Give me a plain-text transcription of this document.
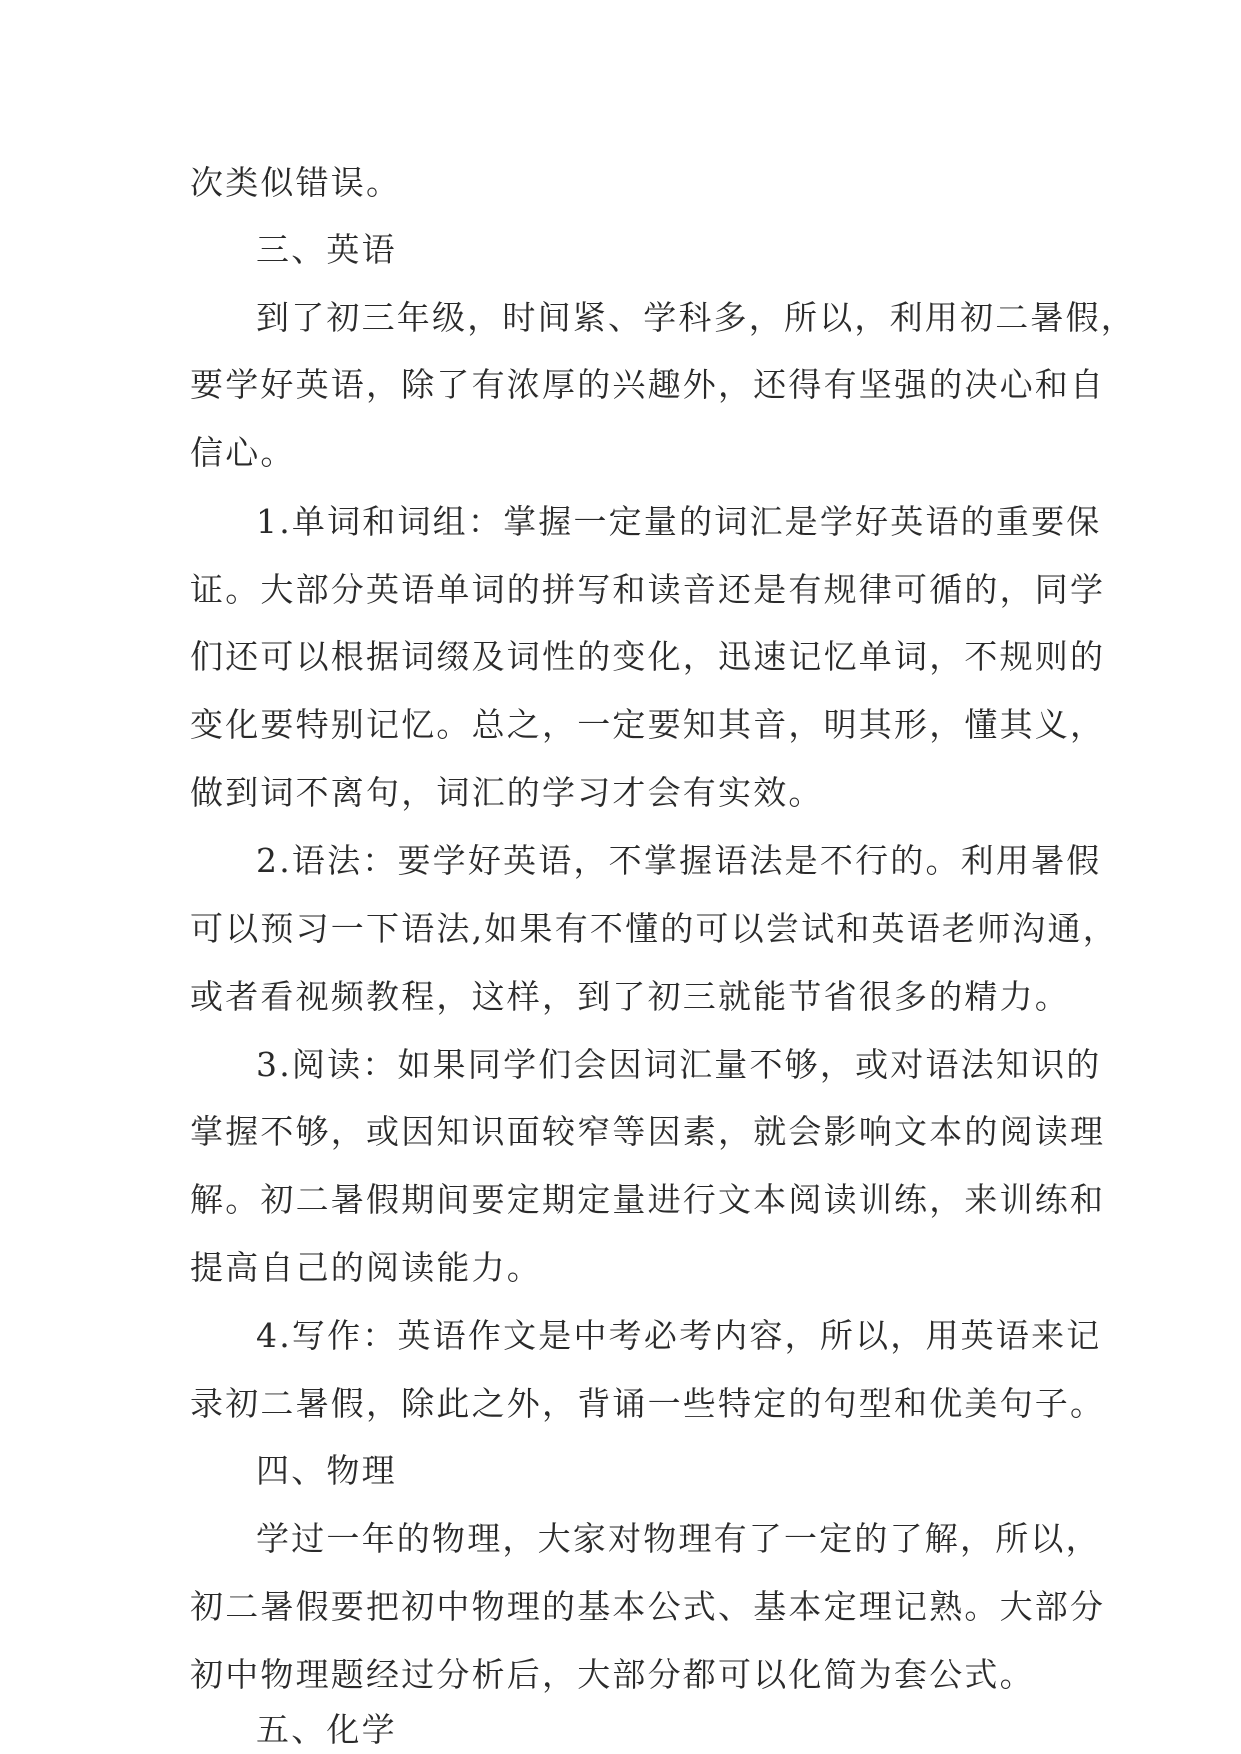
次类似错误。
三、英语
到了初三年级，时间紧、学科多，所以，利用初二暑假，
要学好英语，除了有浓厚的兴趣外，还得有坚强的决心和自
信心。
1.单词和词组：掌握一定量的词汇是学好英语的重要保
证。大部分英语单词的拼写和读音还是有规律可循的，同学
们还可以根据词缀及词性的变化，迅速记忆单词，不规则的
变化要特别记忆。总之，一定要知其音，明其形，懂其义，
做到词不离句，词汇的学习才会有实效。
2.语法：要学好英语，不掌握语法是不行的。利用暑假
可以预习一下语法,如果有不懂的可以尝试和英语老师沟通，
或者看视频教程，这样，到了初三就能节省很多的精力。
3.阅读：如果同学们会因词汇量不够，或对语法知识的
掌握不够，或因知识面较窄等因素，就会影响文本的阅读理
解。初二暑假期间要定期定量进行文本阅读训练，来训练和
提高自己的阅读能力。
4.写作：英语作文是中考必考内容，所以，用英语来记
录初二暑假，除此之外，背诵一些特定的句型和优美句子。
四、物理
学过一年的物理，大家对物理有了一定的了解，所以，
初二暑假要把初中物理的基本公式、基本定理记熟。大部分
初中物理题经过分析后，大部分都可以化简为套公式。
五、化学
